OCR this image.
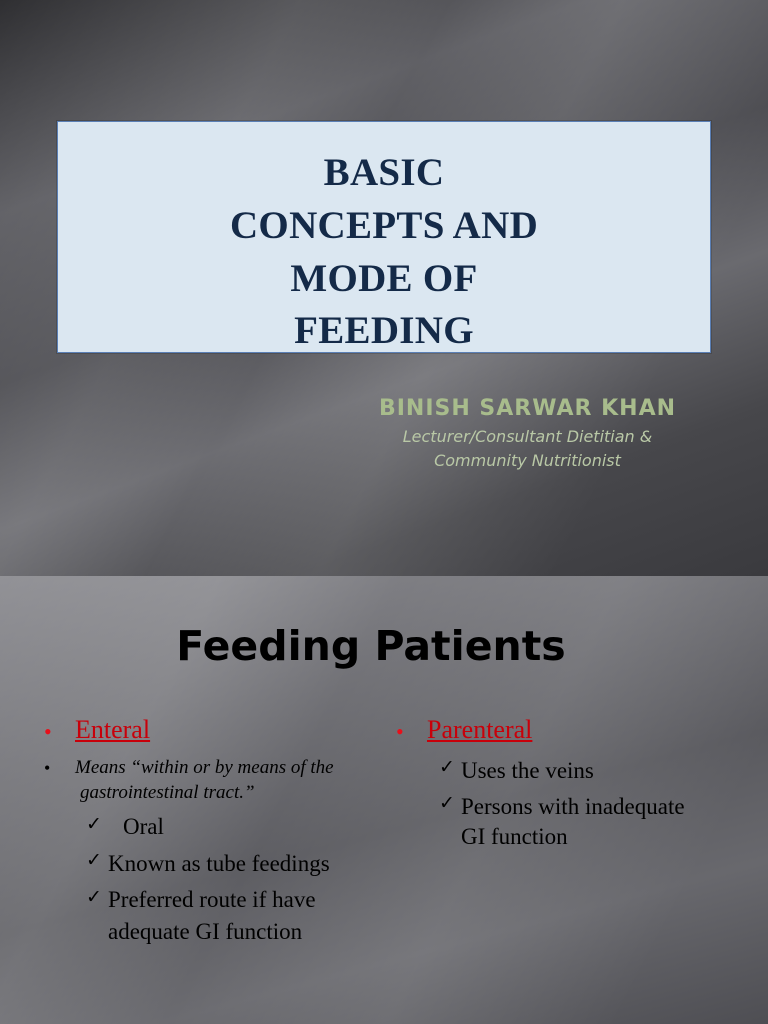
BASIC
CONCEPTS AND
MODE OF
FEEDING
BINISH SARWAR KHAN
Lecturer/Consultant Dietitian &
Community Nutritionist
Feeding Patients
• Enteral
• Means “within or by means of the
gastrointestinal tract.”
✓ Oral
✓ Known as tube feedings
✓ Preferred route if have
adequate GI function
• Parenteral
✓ Uses the veins
✓ Persons with inadequate
GI function
